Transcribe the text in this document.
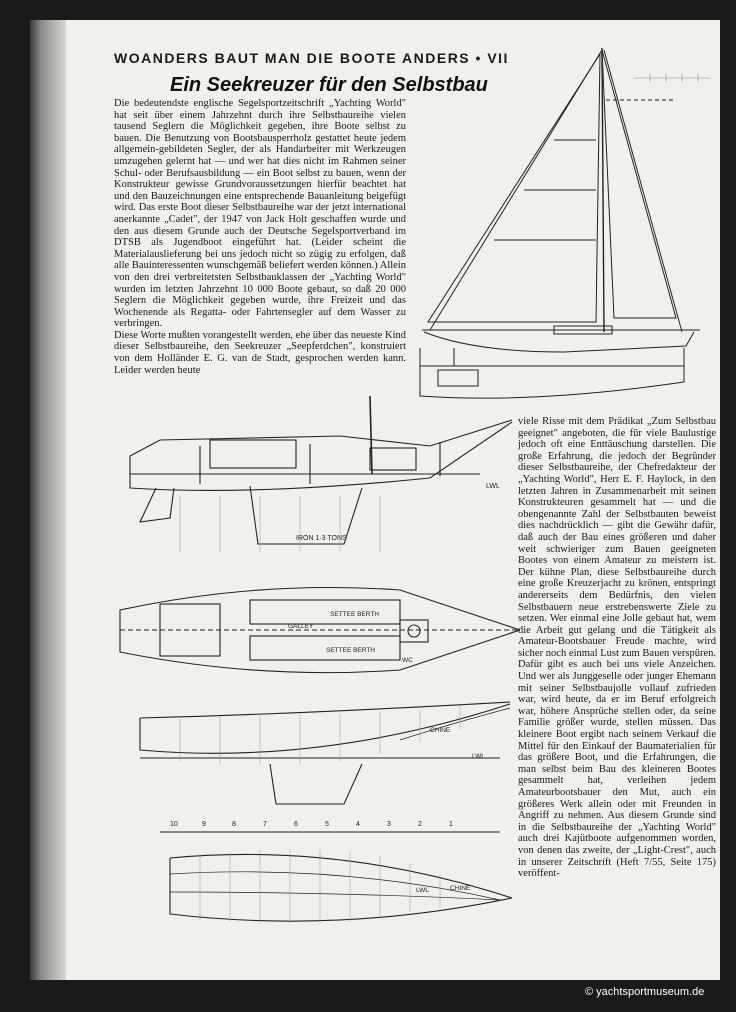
WOANDERS BAUT MAN DIE BOOTE ANDERS • VII
Ein Seekreuzer für den Selbstbau

Die bedeutendste englische Segelsportzeitschrift „Yachting World" hat seit über einem Jahrzehnt durch ihre Selbstbaureihe vielen tausend Seglern die Möglichkeit gegeben, ihre Boote selbst zu bauen. Die Benutzung von Bootsbausperrholz gestattet heute jedem allgemein-gebildeten Segler, der als Handarbeiter mit Werkzeugen umzugehen gelernt hat — und wer hat dies nicht im Rahmen seiner Schul- oder Berufsausbildung — ein Boot selbst zu bauen, wenn der Konstrukteur gewisse Grundvoraussetzungen hierfür beachtet hat und den Bauzeichnungen eine entsprechende Bauanleitung beigefügt wird. Das erste Boot dieser Selbstbaureihe war der jetzt international anerkannte „Cadet", der 1947 von Jack Holt geschaffen wurde und den aus diesem Grunde auch der Deutsche Segelsportverband im DTSB als Jugendboot eingeführt hat. (Leider scheint die Materialauslieferung bei uns jedoch nicht so zügig zu erfolgen, daß alle Bauinteressenten wunschgemäß beliefert werden können.) Allein von den drei verbreitetsten Selbstbauklassen der „Yachting World" wurden im letzten Jahrzehnt 10 000 Boote gebaut, so daß 20 000 Seglern die Möglichkeit gegeben wurde, ihre Freizeit und das Wochenende als Regatta- oder Fahrtensegler auf dem Wasser zu verbringen.

Diese Worte mußten vorangestellt werden, ehe über das neueste Kind dieser Selbstbaureihe, den Seekreuzer „Seepferdchen", konstruiert von dem Holländer E. G. van de Stadt, gesprochen werden kann. Leider werden heute

viele Risse mit dem Prädikat „Zum Selbstbau geeignet" angeboten, die für viele Baulustige jedoch oft eine Enttäuschung darstellen. Die große Erfahrung, die jedoch der Begründer dieser Selbstbaureihe, der Chefredakteur der „Yachting World", Herr E. F. Haylock, in den letzten Jahren in Zusammenarbeit mit seinen Konstrukteuren gesammelt hat — und die obengenannte Zahl der Selbstbauten beweist dies nachdrücklich — gibt die Gewähr dafür, daß auch der Bau eines größeren und daher weit schwieriger zum Bauen geeigneten Bootes von einem Amateur zu meistern ist. Der kühne Plan, diese Selbstbaureihe durch eine große Kreuzerjacht zu krönen, entspringt andererseits dem Bedürfnis, den vielen Selbstbauern neue erstrebenswerte Ziele zu setzen. Wer einmal eine Jolle gebaut hat, wem die Arbeit gut gelang und die Tätigkeit als Amateur-Bootsbauer Freude machte, wird sicher noch einmal Lust zum Bauen verspüren. Dafür gibt es auch bei uns viele Anzeichen. Und wer als Junggeselle oder junger Ehemann mit seiner Selbstbaujolle vollauf zufrieden war, wird heute, da er im Beruf erfolgreich war, höhere Ansprüche stellen oder, da seine Familie größer wurde, stellen müssen. Das kleinere Boot ergibt nach seinem Verkauf die Mittel für den Einkauf der Baumaterialien für das größere Boot, und die Erfahrungen, die man selbst beim Bau des kleineren Bootes gesammelt hat, verleihen jedem Amateurbootsbauer den Mut, auch ein größeres Werk allein oder mit Freunden in Angriff zu nehmen. Aus diesem Grunde sind in die Selbstbaureihe der „Yachting World" auch drei Kajütboote aufgenommen worden, von denen das zweite, der „Light-Crest", auch in unserer Zeitschrift (Heft 7/55, Seite 175) veröffent-

IRON 1·3 TONS
LWL
SETTEE BERTH
SETTEE BERTH
GALLEY
WC
CHINE
LWL
10	9	8	7	6	5	4	3	2	1
LWL	CHINE
© yachtsportmuseum.de
